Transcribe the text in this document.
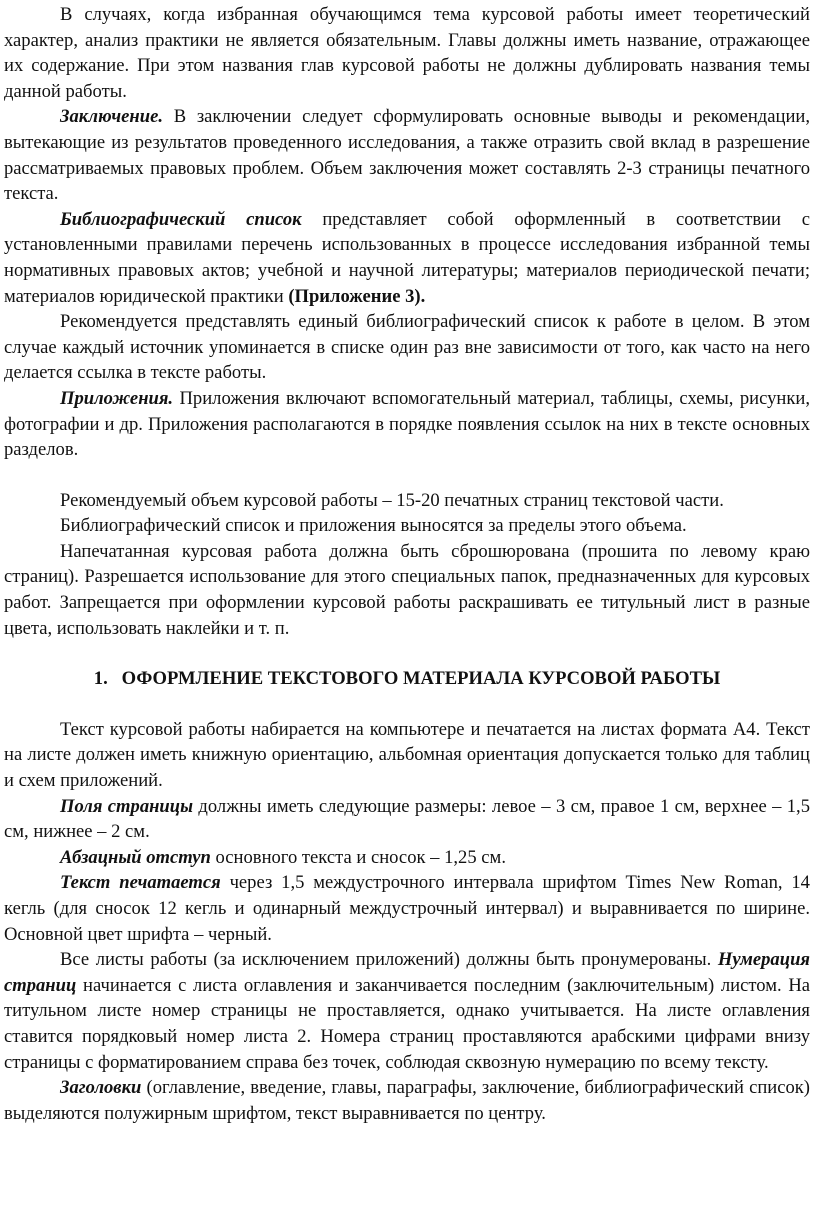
В случаях, когда избранная обучающимся тема курсовой работы имеет теоретический характер, анализ практики не является обязательным. Главы должны иметь название, отражающее их содержание. При этом названия глав курсовой работы не должны дублировать названия темы данной работы.

Заключение. В заключении следует сформулировать основные выводы и рекомендации, вытекающие из результатов проведенного исследования, а также отразить свой вклад в разрешение рассматриваемых правовых проблем. Объем заключения может составлять 2-3 страницы печатного текста.

Библиографический список представляет собой оформленный в соответствии с установленными правилами перечень использованных в процессе исследования избранной темы нормативных правовых актов; учебной и научной литературы; материалов периодической печати; материалов юридической практики (Приложение 3).

Рекомендуется представлять единый библиографический список к работе в целом. В этом случае каждый источник упоминается в списке один раз вне зависимости от того, как часто на него делается ссылка в тексте работы.

Приложения. Приложения включают вспомогательный материал, таблицы, схемы, рисунки, фотографии и др. Приложения располагаются в порядке появления ссылок на них в тексте основных разделов.

Рекомендуемый объем курсовой работы – 15-20 печатных страниц текстовой части.

Библиографический список и приложения выносятся за пределы этого объема.

Напечатанная курсовая работа должна быть сброшюрована (прошита по левому краю страниц). Разрешается использование для этого специальных папок, предназначенных для курсовых работ. Запрещается при оформлении курсовой работы раскрашивать ее титульный лист в разные цвета, использовать наклейки и т. п.

1.   ОФОРМЛЕНИЕ ТЕКСТОВОГО МАТЕРИАЛА КУРСОВОЙ РАБОТЫ

Текст курсовой работы набирается на компьютере и печатается на листах формата А4. Текст на листе должен иметь книжную ориентацию, альбомная ориентация допускается только для таблиц и схем приложений.

Поля страницы должны иметь следующие размеры: левое – 3 см, правое 1 см, верхнее – 1,5 см, нижнее – 2 см.

Абзацный отступ основного текста и сносок – 1,25 см.

Текст печатается через 1,5 междустрочного интервала шрифтом Times New Roman, 14 кегль (для сносок 12 кегль и одинарный междустрочный интервал) и выравнивается по ширине. Основной цвет шрифта – черный.

Все листы работы (за исключением приложений) должны быть пронумерованы. Нумерация страниц начинается с листа оглавления и заканчивается последним (заключительным) листом. На титульном листе номер страницы не проставляется, однако учитывается. На листе оглавления ставится порядковый номер листа 2. Номера страниц проставляются арабскими цифрами внизу страницы с форматированием справа без точек, соблюдая сквозную нумерацию по всему тексту.

Заголовки (оглавление, введение, главы, параграфы, заключение, библиографический список) выделяются полужирным шрифтом, текст выравнивается по центру.
